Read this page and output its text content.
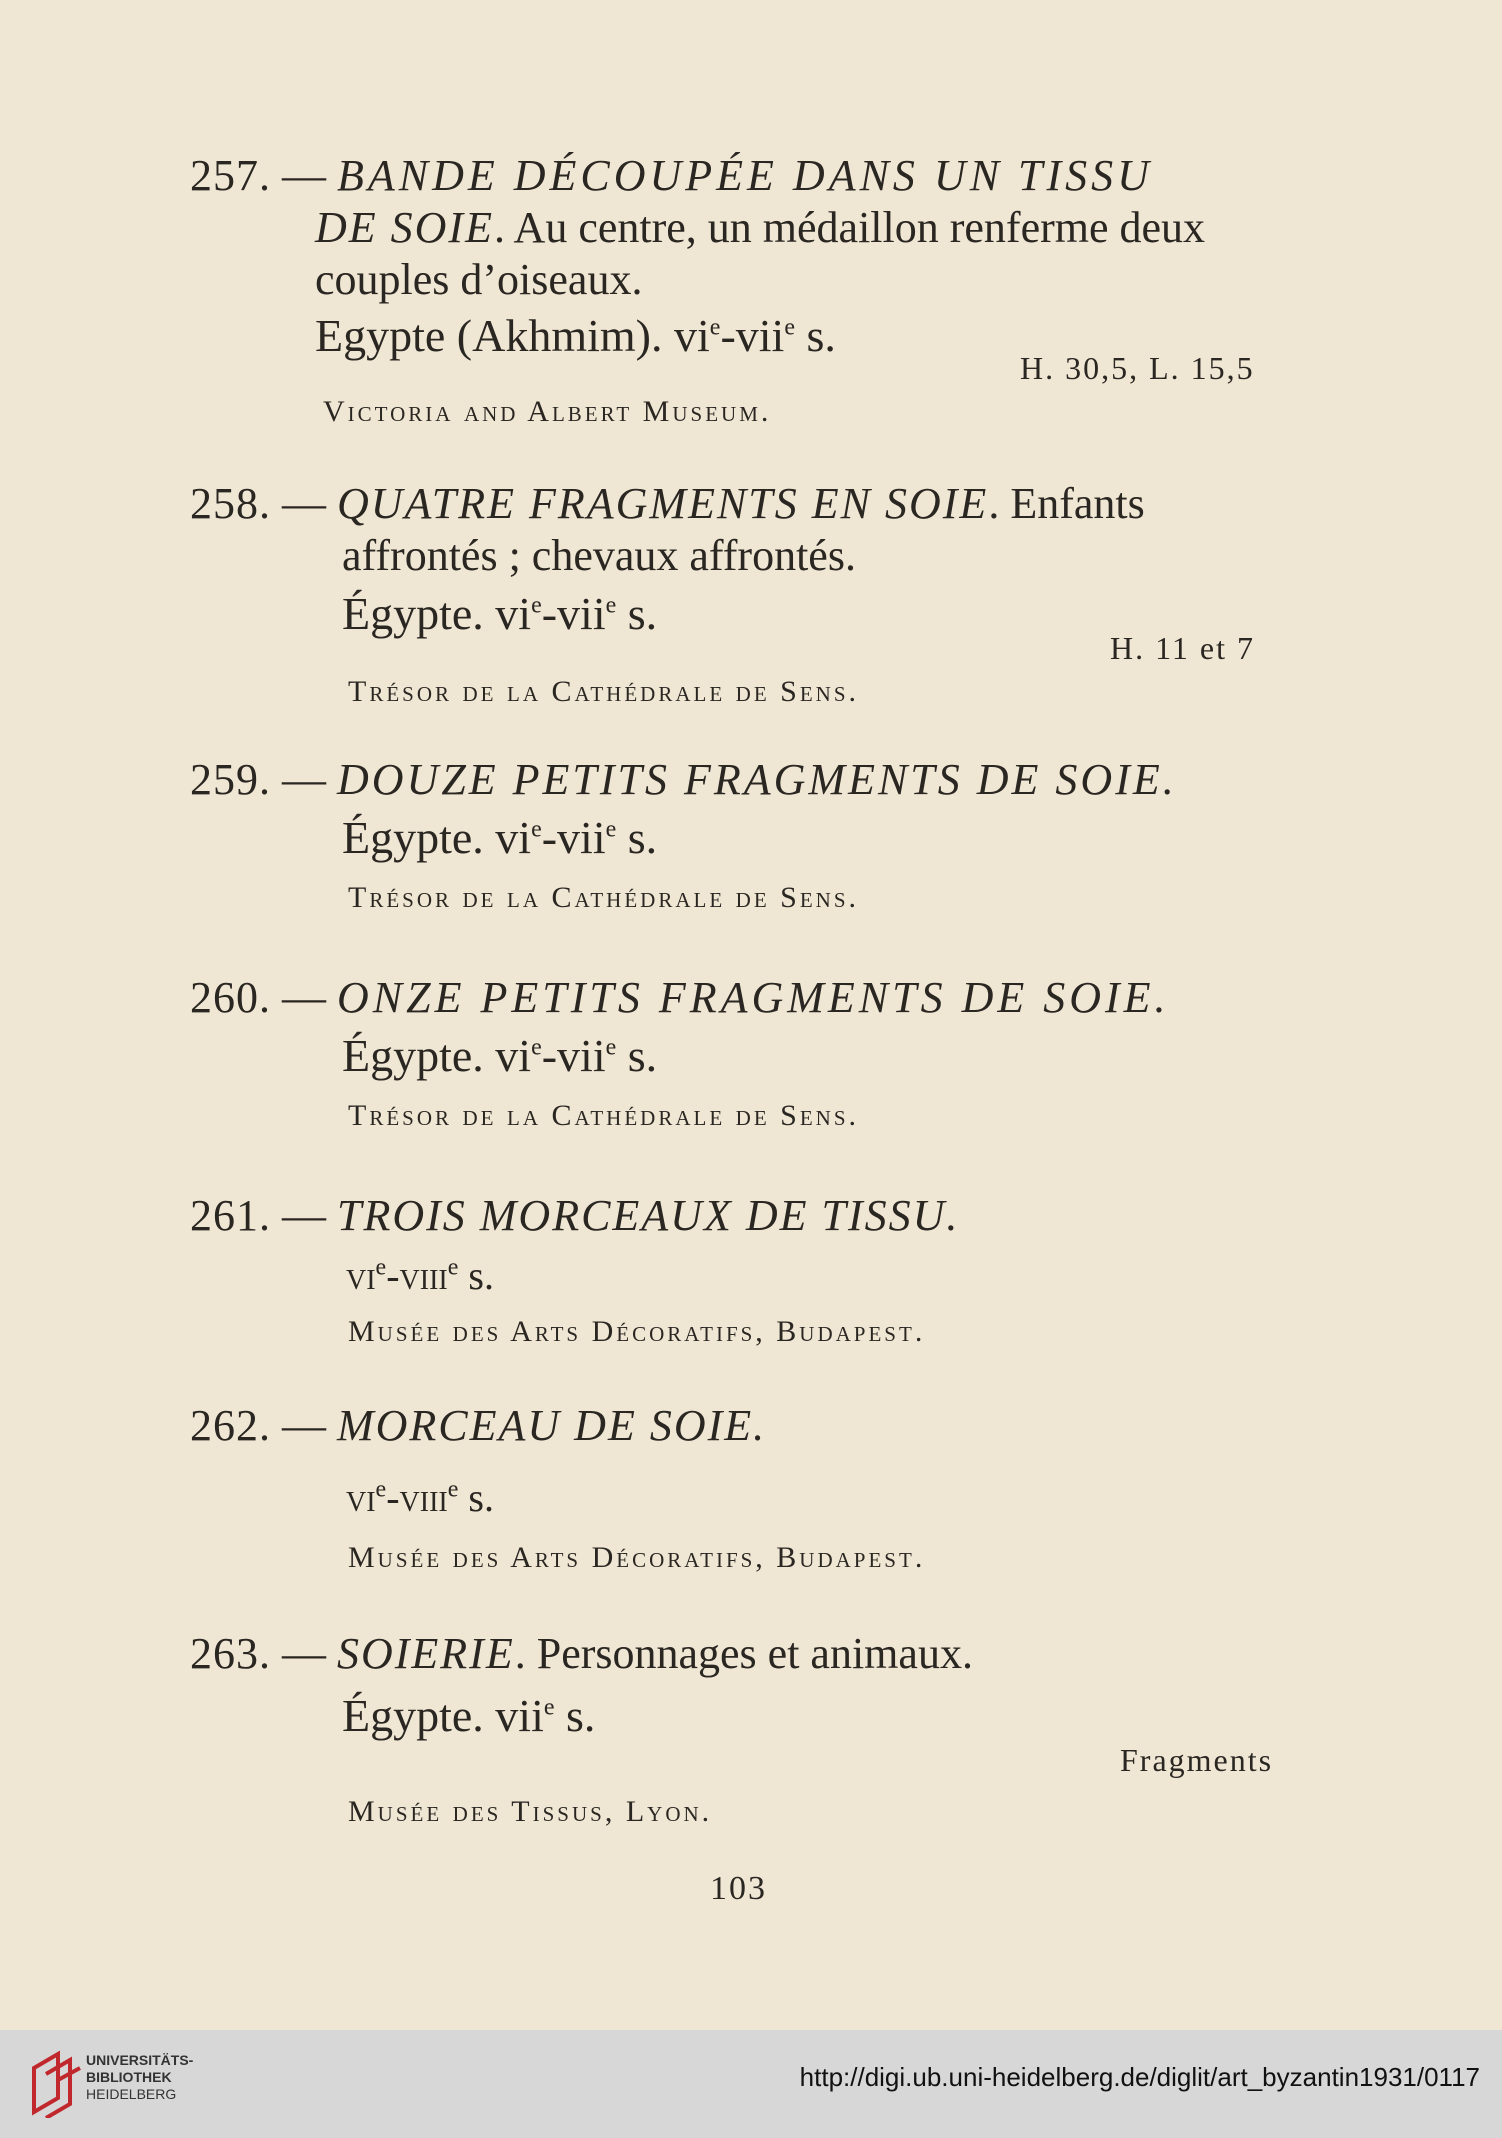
257. — BANDE DÉCOUPÉE DANS UN TISSU
DE SOIE. Au centre, un médaillon renferme deux
couples d’oiseaux.
Egypte (Akhmim). $vi^e-vii^e$ s.
H. 30,5, L. 15,5
Victoria and Albert Museum.
258. — QUATRE FRAGMENTS EN SOIE. Enfants
affrontés ; chevaux affrontés.
Égypte. $vi^e-vii^e$ s.
H. 11 et 7
Trésor de la Cathédrale de Sens.
259. — DOUZE PETITS FRAGMENTS DE SOIE.
Égypte. $vi^e-vii^e$ s.
Trésor de la Cathédrale de Sens.
260. — ONZE PETITS FRAGMENTS DE SOIE.
Égypte. $vi^e-vii^e$ s.
Trésor de la Cathédrale de Sens.
261. — TROIS MORCEAUX DE TISSU.
$vi^e-viii^e$ s.
Musée des Arts Décoratifs, Budapest.
262. — MORCEAU DE SOIE.
$vi^e-viii^e$ s.
Musée des Arts Décoratifs, Budapest.
263. — SOIERIE. Personnages et animaux.
Égypte. vii$^e$ s.
Fragments
Musée des Tissus, Lyon.
103
UNIVERSITÄTS-
BIBLIOTHEK
HEIDELBERG
http://digi.ub.uni-heidelberg.de/diglit/art_byzantin1931/0117
